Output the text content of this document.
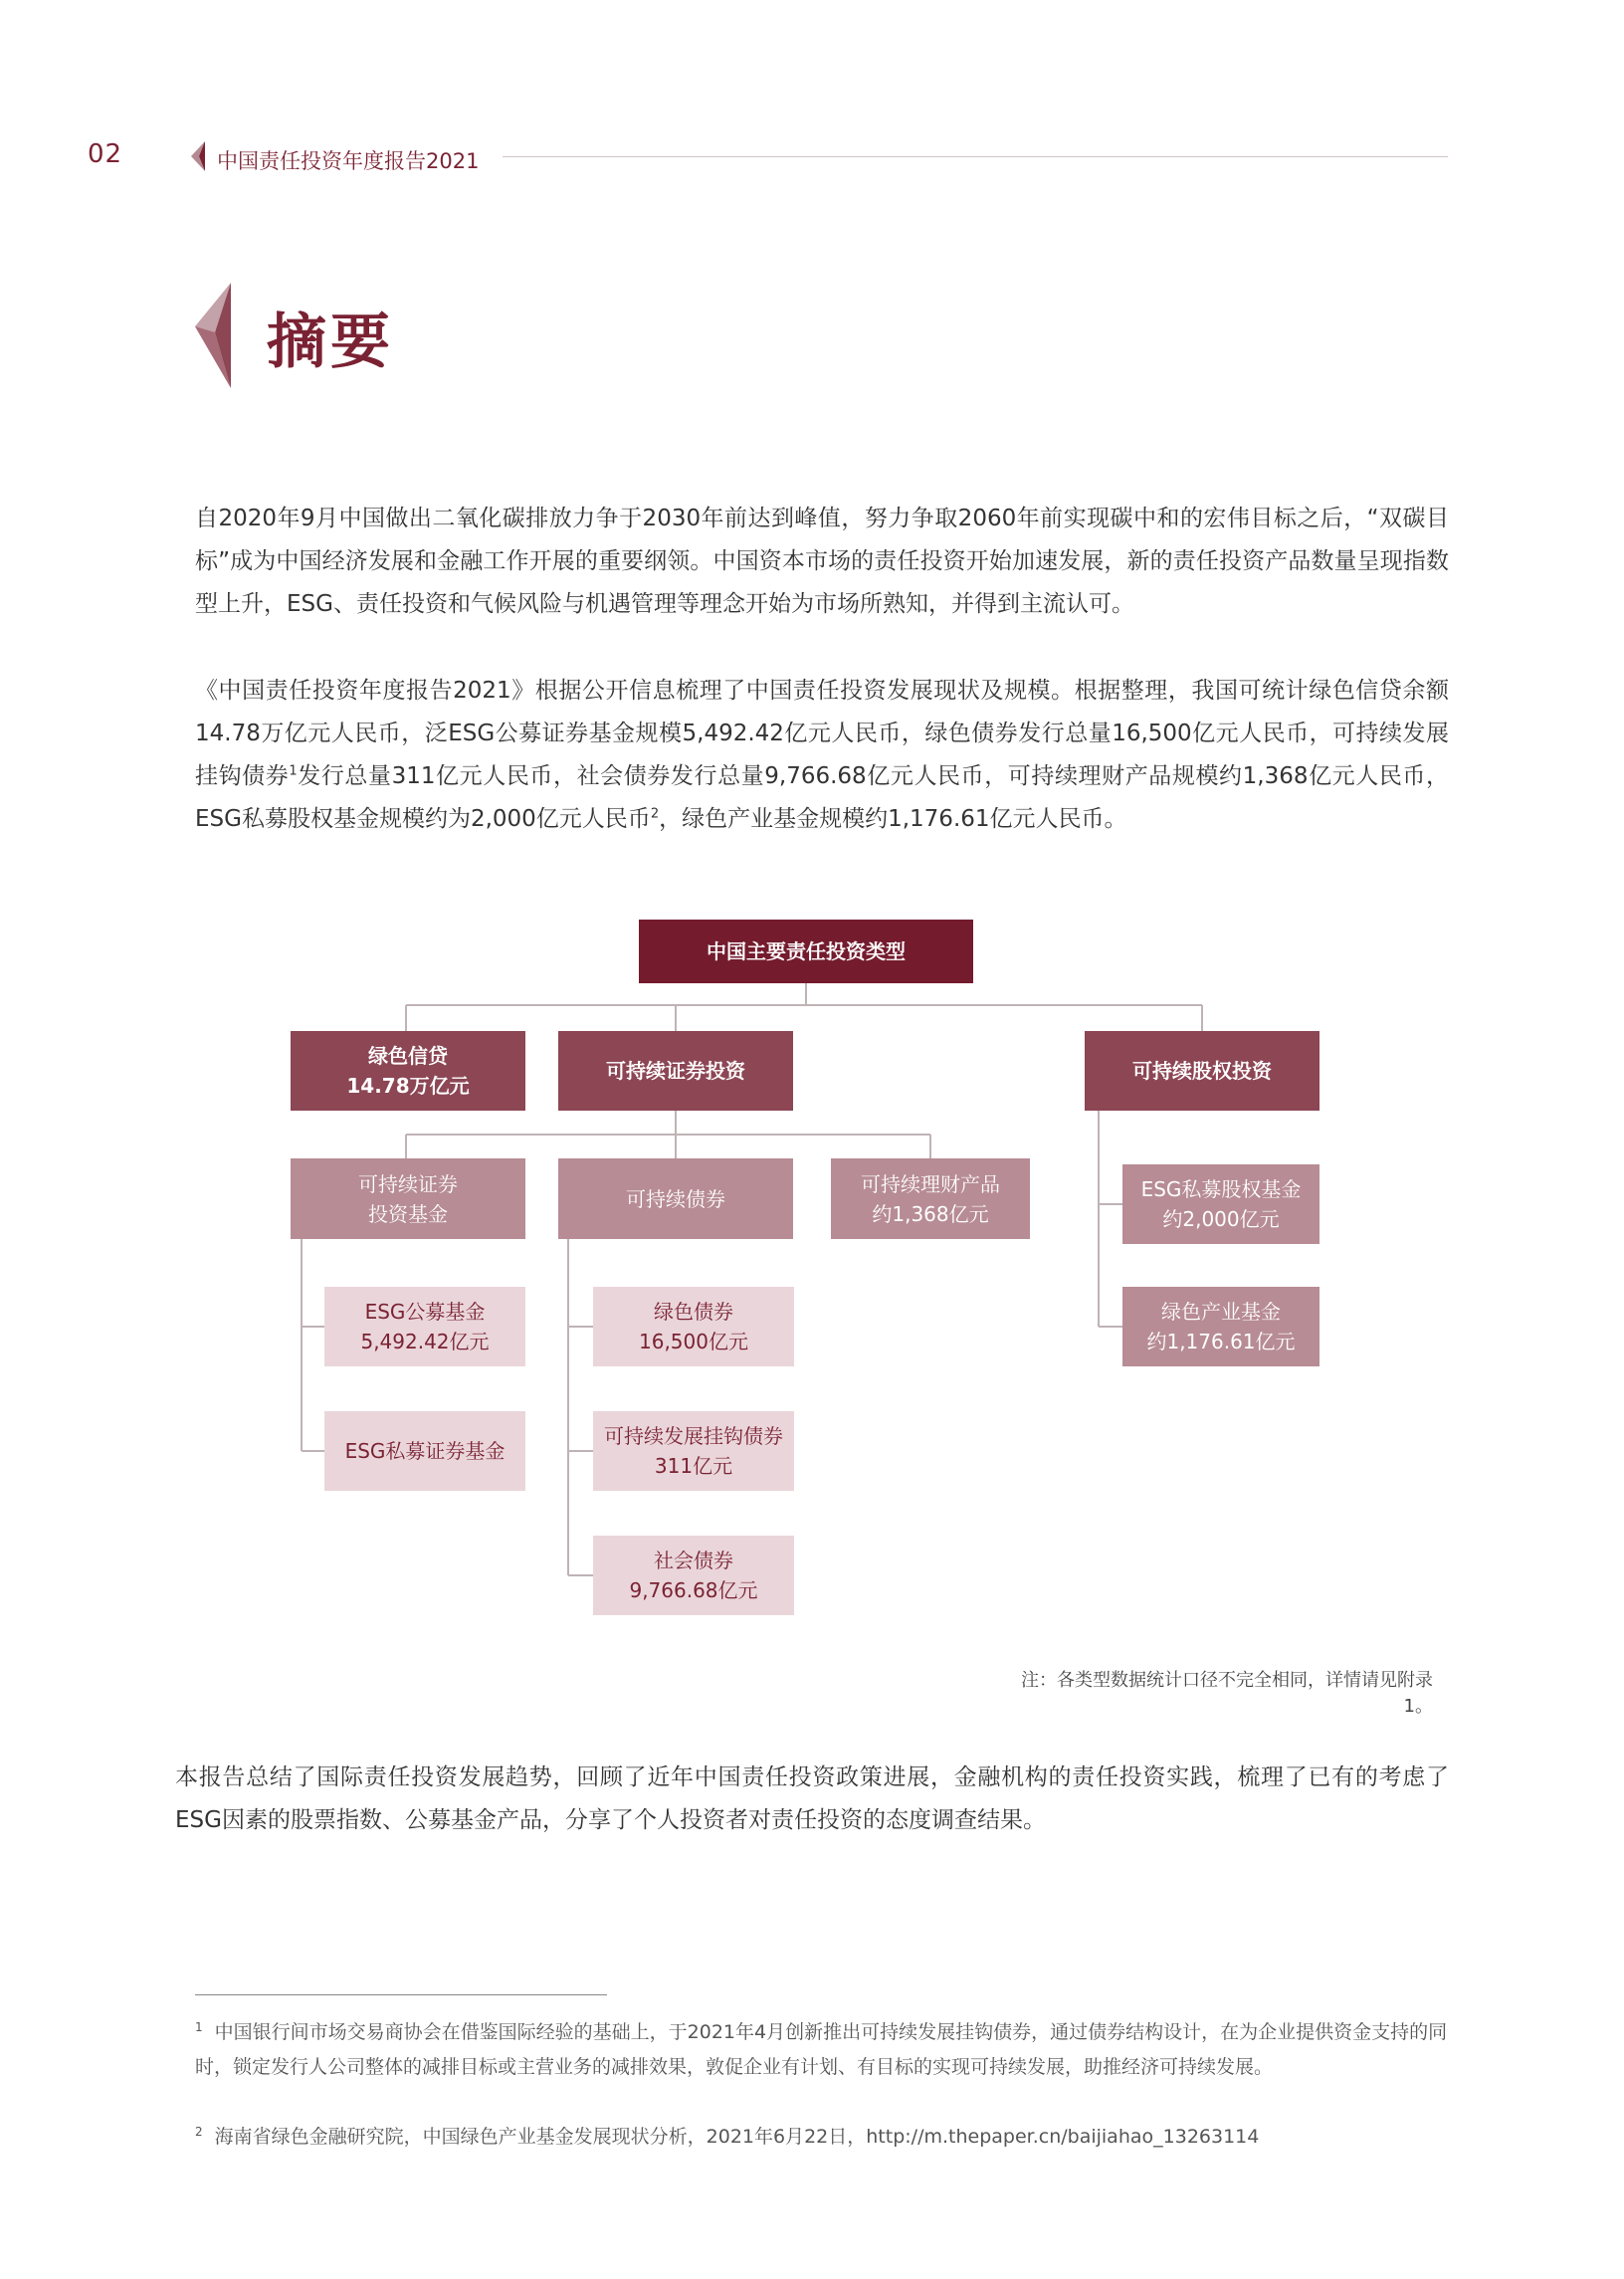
02	中国责任投资年度报告2021
摘要
自2020年9月中国做出二氧化碳排放力争于2030年前达到峰值，努力争取2060年前实现碳中和的宏伟目标之后，“双碳目标”成为中国经济发展和金融工作开展的重要纲领。中国资本市场的责任投资开始加速发展，新的责任投资产品数量呈现指数型上升，ESG、责任投资和气候风险与机遇管理等理念开始为市场所熟知，并得到主流认可。
《中国责任投资年度报告2021》根据公开信息梳理了中国责任投资发展现状及规模。根据整理，我国可统计绿色信贷余额14.78万亿元人民币，泛ESG公募证券基金规模5,492.42亿元人民币，绿色债券发行总量16,500亿元人民币，可持续发展挂钩债券$^1$发行总量311亿元人民币，社会债券发行总量9,766.68亿元人民币，可持续理财产品规模约1,368亿元人民币，ESG私募股权基金规模约为2,000亿元人民币$^2$，绿色产业基金规模约1,176.61亿元人民币。
中国主要责任投资类型
绿色信贷
14.78万亿元
可持续证券投资	可持续股权投资
可持续证券
投资基金
可持续债券
可持续理财产品
约1,368亿元
ESG私募股权基金
约2,000亿元
绿色产业基金
约1,176.61亿元
ESG公募基金
5,492.42亿元
ESG私募证券基金
绿色债券
16,500亿元
可持续发展挂钩债券
311亿元
社会债券
9,766.68亿元
注：各类型数据统计口径不完全相同，详情请见附录1。
本报告总结了国际责任投资发展趋势，回顾了近年中国责任投资政策进展，金融机构的责任投资实践，梳理了已有的考虑了ESG因素的股票指数、公募基金产品，分享了个人投资者对责任投资的态度调查结果。
$^1$ 中国银行间市场交易商协会在借鉴国际经验的基础上，于2021年4月创新推出可持续发展挂钩债券，通过债券结构设计，在为企业提供资金支持的同时，锁定发行人公司整体的减排目标或主营业务的减排效果，敦促企业有计划、有目标的实现可持续发展，助推经济可持续发展。
$^2$ 海南省绿色金融研究院，中国绿色产业基金发展现状分析，2021年6月22日，http://m.thepaper.cn/baijiahao_13263114
